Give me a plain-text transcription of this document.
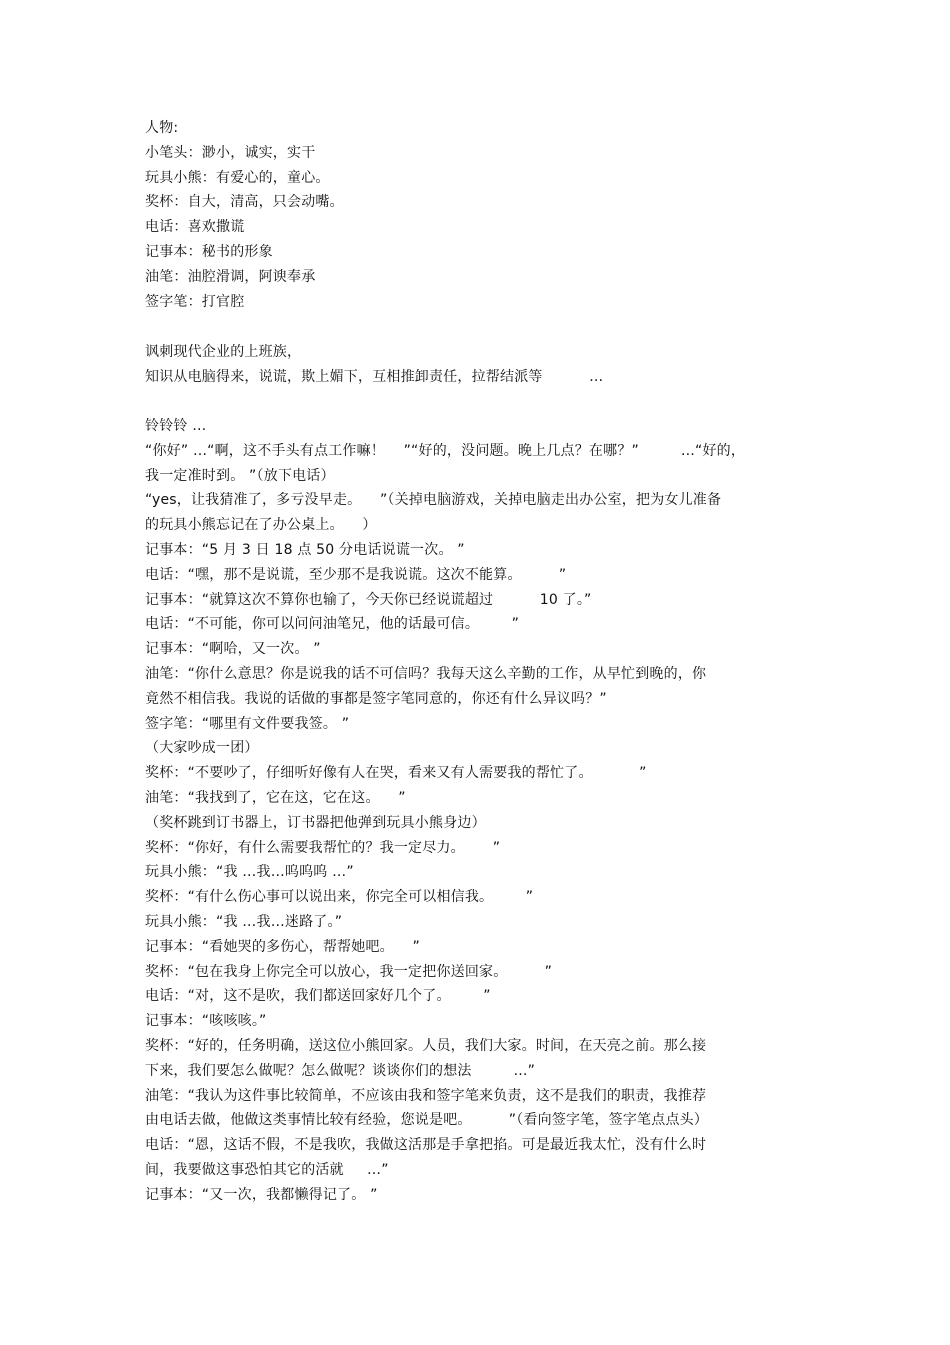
人物:
小笔头：渺小，诚实，实干
玩具小熊：有爱心的，童心。
奖杯：自大，清高，只会动嘴。
电话：喜欢撒谎
记事本：秘书的形象
油笔：油腔滑调，阿谀奉承
签字笔：打官腔
讽刺现代企业的上班族，
知识从电脑得来，说谎，欺上媚下，互相推卸责任，拉帮结派等          …
铃铃铃 …
“你好” …“啊，这不手头有点工作嘛！    ”“好的，没问题。晚上几点？在哪？”         …“好的，
我一定准时到。 ”（放下电话）
“yes，让我猜准了，多亏没早走。    ”（关掉电脑游戏，关掉电脑走出办公室，把为女儿准备
的玩具小熊忘记在了办公桌上。    ）
记事本：“5 月 3 日 18 点 50 分电话说谎一次。 ”
电话：“嘿，那不是说谎，至少那不是我说谎。这次不能算。        ”
记事本：“就算这次不算你也输了，今天你已经说谎超过          10 了。”
电话：“不可能，你可以问问油笔兄，他的话最可信。       ”
记事本：“啊哈，又一次。 ”
油笔：“你什么意思？你是说我的话不可信吗？我每天这么辛勤的工作，从早忙到晚的，你
竟然不相信我。我说的话做的事都是签字笔同意的，你还有什么异议吗？”
签字笔：“哪里有文件要我签。 ”
（大家吵成一团）
奖杯：“不要吵了，仔细听好像有人在哭，看来又有人需要我的帮忙了。          ”
油笔：“我找到了，它在这，它在这。    ”
（奖杯跳到订书器上，订书器把他弹到玩具小熊身边）
奖杯：“你好，有什么需要我帮忙的？我一定尽力。      ”
玩具小熊：“我 …我…呜呜呜 …”
奖杯：“有什么伤心事可以说出来，你完全可以相信我。       ”
玩具小熊：“我 …我…迷路了。”
记事本：“看她哭的多伤心，帮帮她吧。    ”
奖杯：“包在我身上你完全可以放心，我一定把你送回家。        ”
电话：“对，这不是吹，我们都送回家好几个了。       ”
记事本：“咳咳咳。”
奖杯：“好的，任务明确，送这位小熊回家。人员，我们大家。时间，在天亮之前。那么接
下来，我们要怎么做呢？怎么做呢？谈谈你们的想法         …”
油笔：“我认为这件事比较简单，不应该由我和签字笔来负责，这不是我们的职责，我推荐
由电话去做，他做这类事情比较有经验，您说是吧。        ”（看向签字笔，签字笔点点头）
电话：“恩，这话不假，不是我吹，我做这活那是手拿把掐。可是最近我太忙，没有什么时
间，我要做这事恐怕其它的活就     …”
记事本：“又一次，我都懒得记了。 ”
